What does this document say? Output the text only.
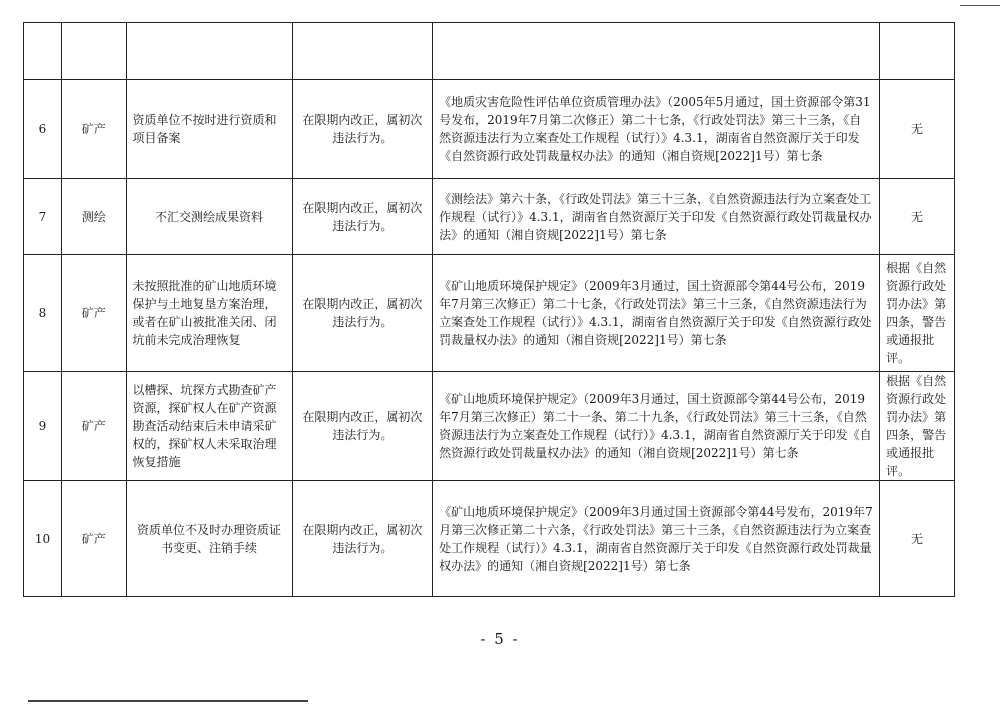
6	矿产	资质单位不按时进行资质和项目备案	在限期内改正，属初次违法行为。	《地质灾害危险性评估单位资质管理办法》（2005年5月通过，国土资源部令第31号发布，2019年7月第二次修正）第二十七条，《行政处罚法》第三十三条，《自然资源违法行为立案查处工作规程（试行）》4.3.1，湖南省自然资源厅关于印发《自然资源行政处罚裁量权办法》的通知（湘自资规[2022]1号）第七条	无
7	测绘	不汇交测绘成果资料	在限期内改正，属初次违法行为。	《测绘法》第六十条，《行政处罚法》第三十三条，《自然资源违法行为立案查处工作规程（试行）》4.3.1，湖南省自然资源厅关于印发《自然资源行政处罚裁量权办法》的通知（湘自资规[2022]1号）第七条	无
8	矿产	未按照批准的矿山地质环境保护与土地复垦方案治理，或者在矿山被批准关闭、闭坑前未完成治理恢复	在限期内改正，属初次违法行为。	《矿山地质环境保护规定》（2009年3月通过，国土资源部令第44号公布，2019年7月第三次修正）第二十七条，《行政处罚法》第三十三条，《自然资源违法行为立案查处工作规程（试行）》4.3.1，湖南省自然资源厅关于印发《自然资源行政处罚裁量权办法》的通知（湘自资规[2022]1号）第七条	根据《自然资源行政处罚办法》第四条，警告或通报批评。
9	矿产	以槽探、坑探方式勘查矿产资源，探矿权人在矿产资源勘查活动结束后未申请采矿权的，探矿权人未采取治理恢复措施	在限期内改正，属初次违法行为。	《矿山地质环境保护规定》（2009年3月通过，国土资源部令第44号公布，2019年7月第三次修正）第二十一条、第二十九条，《行政处罚法》第三十三条，《自然资源违法行为立案查处工作规程（试行）》4.3.1，湖南省自然资源厅关于印发《自然资源行政处罚裁量权办法》的通知（湘自资规[2022]1号）第七条	根据《自然资源行政处罚办法》第四条，警告或通报批评。
10	矿产	资质单位不及时办理资质证书变更、注销手续	在限期内改正，属初次违法行为。	《矿山地质环境保护规定》（2009年3月通过国土资源部令第44号发布，2019年7月第三次修正第二十六条，《行政处罚法》第三十三条，《自然资源违法行为立案查处工作规程（试行）》4.3.1，湖南省自然资源厅关于印发《自然资源行政处罚裁量权办法》的通知（湘自资规[2022]1号）第七条	无
- 5 -
